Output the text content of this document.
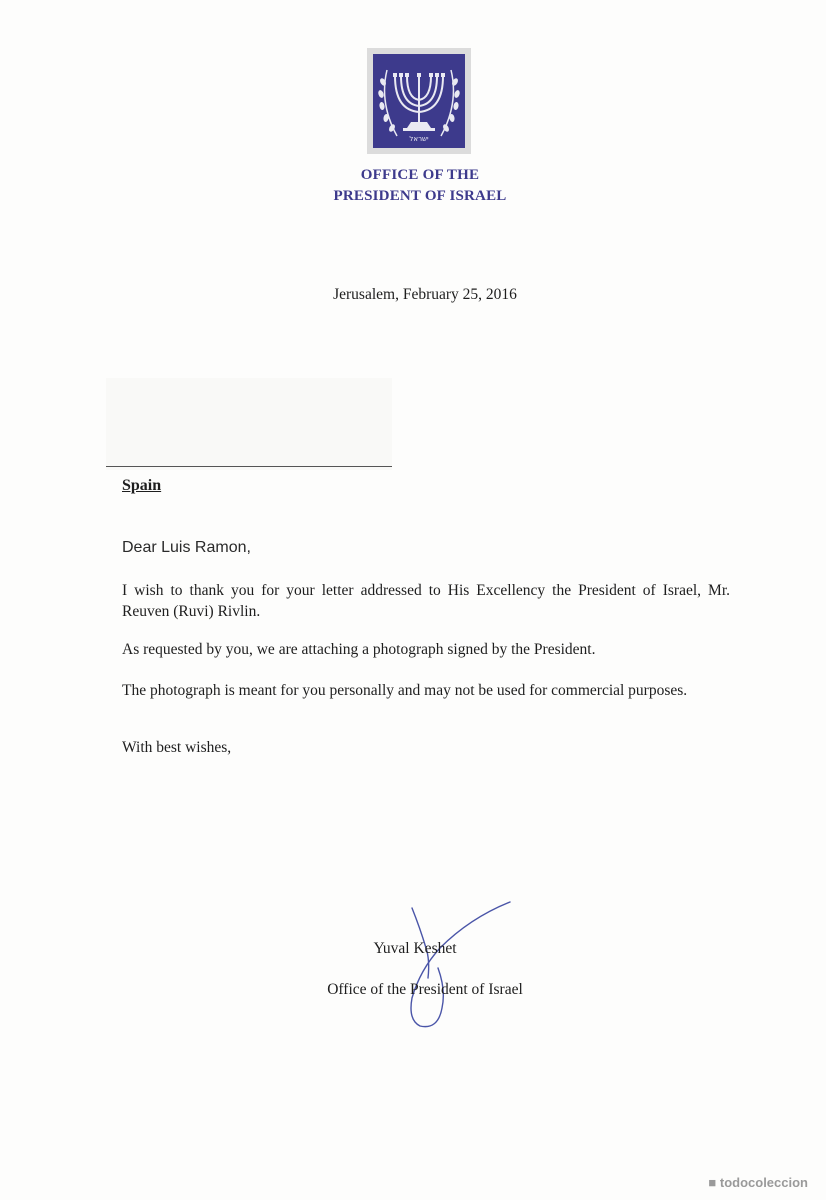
ישראל
OFFICE OF THE
PRESIDENT OF ISRAEL
Jerusalem, February 25, 2016
Spain
Dear Luis Ramon,
I wish to thank you for your letter addressed to His Excellency the President of Israel, Mr. Reuven (Ruvi) Rivlin.
As requested by you, we are attaching a photograph signed by the President.
The photograph is meant for you personally and may not be used for commercial purposes.
With best wishes,
Yuval Keshet
Office of the President of Israel
■ todocoleccion
